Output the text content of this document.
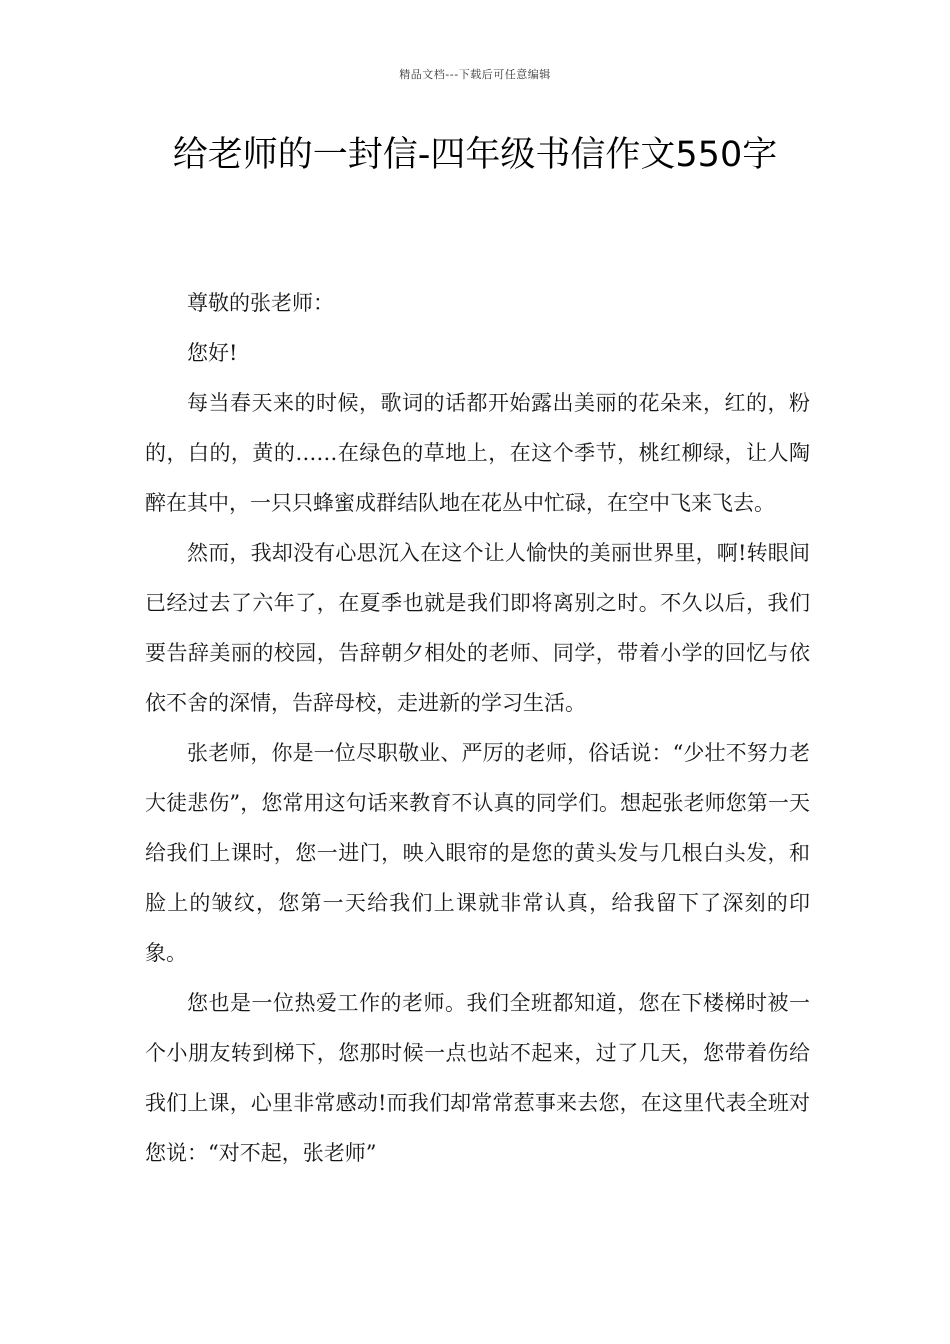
精品文档---下载后可任意编辑
给老师的一封信-四年级书信作文550字

尊敬的张老师：

您好!

每当春天来的时候，歌词的话都开始露出美丽的花朵来，红的，粉的，白的，黄的……在绿色的草地上，在这个季节，桃红柳绿，让人陶醉在其中，一只只蜂蜜成群结队地在花丛中忙碌，在空中飞来飞去。

然而，我却没有心思沉入在这个让人愉快的美丽世界里，啊!转眼间已经过去了六年了，在夏季也就是我们即将离别之时。不久以后，我们要告辞美丽的校园，告辞朝夕相处的老师、同学，带着小学的回忆与依依不舍的深情，告辞母校，走进新的学习生活。

张老师，你是一位尽职敬业、严厉的老师，俗话说：“少壮不努力老大徒悲伤”，您常用这句话来教育不认真的同学们。想起张老师您第一天给我们上课时，您一进门，映入眼帘的是您的黄头发与几根白头发，和脸上的皱纹，您第一天给我们上课就非常认真，给我留下了深刻的印象。

您也是一位热爱工作的老师。我们全班都知道，您在下楼梯时被一个小朋友转到梯下，您那时候一点也站不起来，过了几天，您带着伤给我们上课，心里非常感动!而我们却常常惹事来去您，在这里代表全班对您说：“对不起，张老师”
